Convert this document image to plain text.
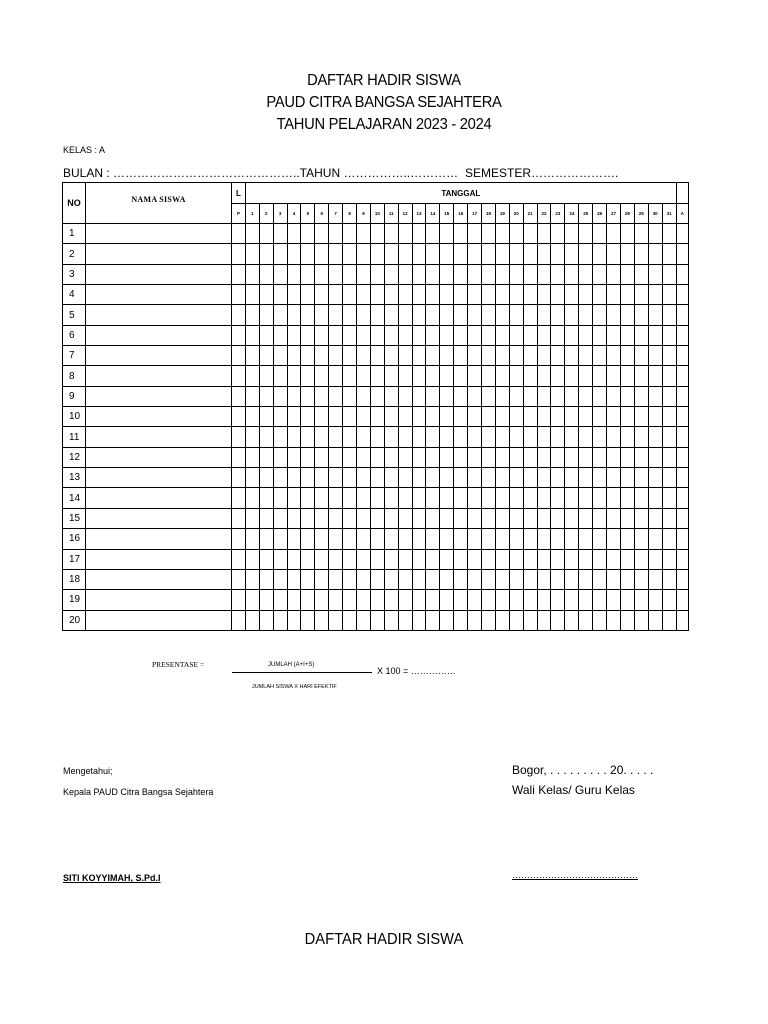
DAFTAR HADIR SISWA
PAUD CITRA BANGSA SEJAHTERA
TAHUN PELAJARAN 2023 - 2024
KELAS : A
BULAN : ………………………………………..TAHUN ……………..………… SEMESTER………………….
NO	NAMA SISWA	L	TANGGAL																															
		P	1	2	3	4	5	6	7	8	9	10	11	12	13	14	15	16	17	18	19	20	21	22	23	24	25	26	27	28	29	30	31	A
1																																		
2																																		
3																																		
4																																		
5																																		
6																																		
7																																		
8																																		
9																																		
10																																		
11																																		
12																																		
13																																		
14																																		
15																																		
16																																		
17																																		
18																																		
19																																		
20																																		
PRESENTASE =	JUMLAH (A+I+S)
X 100 = ……………
JUMLAH SISWA X HARI EFEKTIF
Mengetahui;
Kepala PAUD Citra Bangsa Sejahtera
Bogor, . . . . . . . . . 20. . . . .
Wali Kelas/ Guru Kelas
SITI KOYYIMAH, S.Pd.I	……………………………………
DAFTAR HADIR SISWA
